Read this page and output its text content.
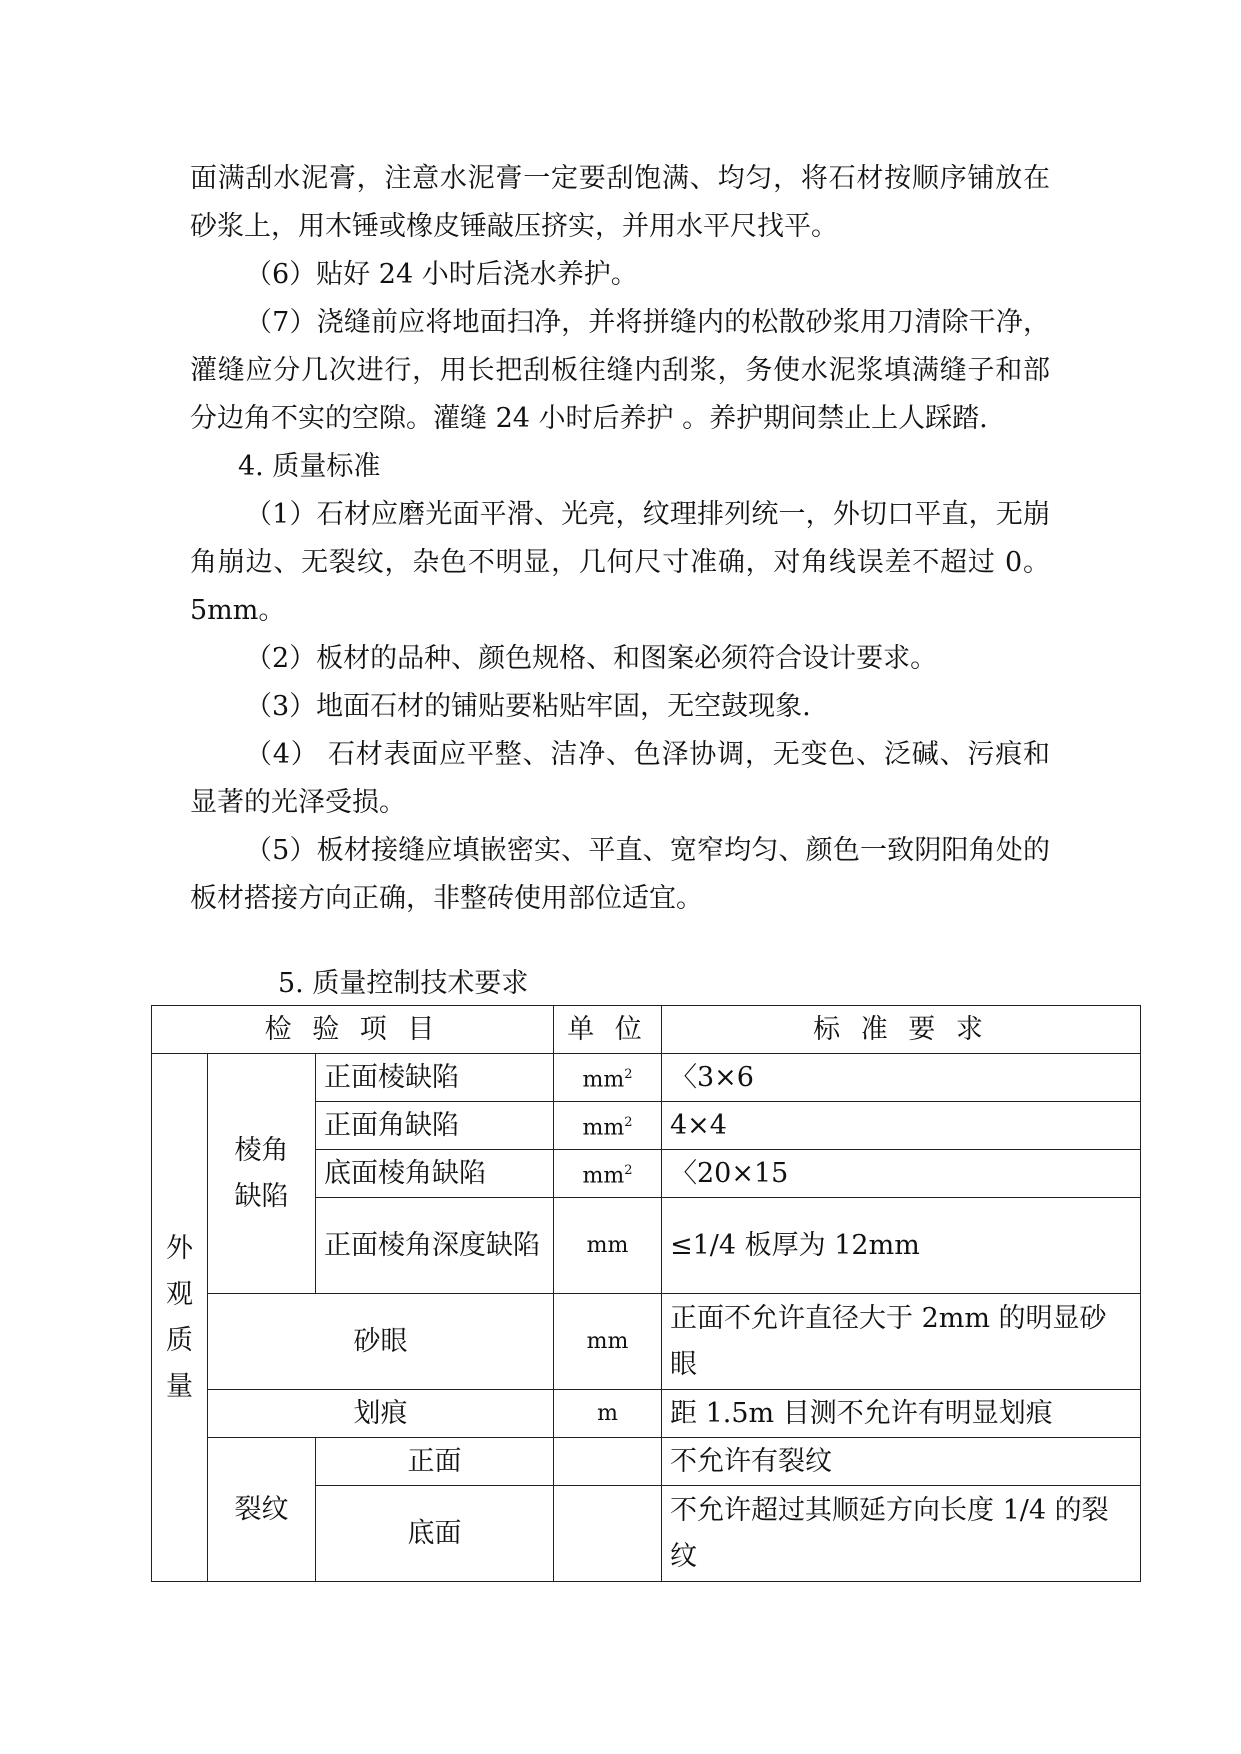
面满刮水泥膏，注意水泥膏一定要刮饱满、均匀，将石材按顺序铺放在砂浆上，用木锤或橡皮锤敲压挤实，并用水平尺找平。

（6）贴好 24 小时后浇水养护。

（7）浇缝前应将地面扫净，并将拼缝内的松散砂浆用刀清除干净，灌缝应分几次进行，用长把刮板往缝内刮浆，务使水泥浆填满缝子和部分边角不实的空隙。灌缝 24 小时后养护 。养护期间禁止上人踩踏.

4. 质量标准

（1）石材应磨光面平滑、光亮，纹理排列统一，外切口平直，无崩角崩边、无裂纹，杂色不明显，几何尺寸准确，对角线误差不超过 0。5mm。

（2）板材的品种、颜色规格、和图案必须符合设计要求。

（3）地面石材的铺贴要粘贴牢固，无空鼓现象.

（4） 石材表面应平整、洁净、色泽协调，无变色、泛碱、污痕和显著的光泽受损。

（5）板材接缝应填嵌密实、平直、宽窄均匀、颜色一致阴阳角处的板材搭接方向正确，非整砖使用部位适宜。

5. 质量控制技术要求

检 验 项 目			单 位	标 准 要 求
外观质量	棱角缺陷	正面棱缺陷	$mm^2$	〈3×6
		正面角缺陷	$mm^2$	4×4
		底面棱角缺陷	$mm^2$	〈20×15
		正面棱角深度缺陷	mm	≤1/4 板厚为 12mm
	砂眼		mm	正面不允许直径大于 2mm 的明显砂眼
	划痕		m	距 1.5m 目测不允许有明显划痕
	裂纹	正面		不允许有裂纹
		底面		不允许超过其顺延方向长度 1/4 的裂纹
